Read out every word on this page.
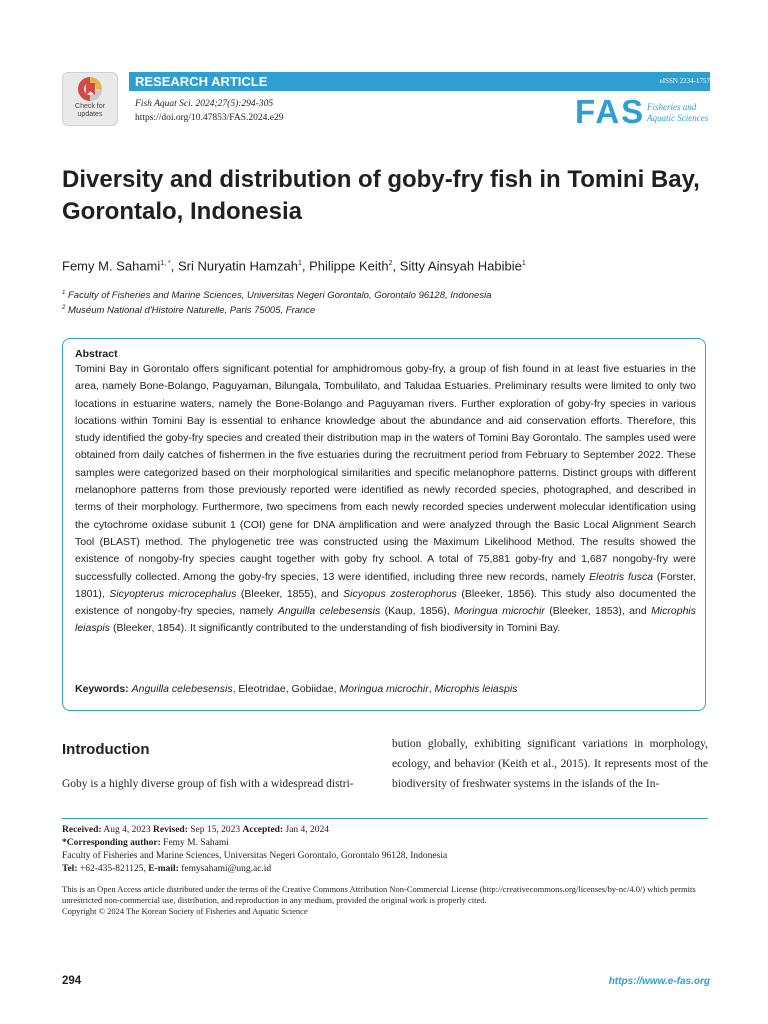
Check for
updates
RESEARCH ARTICLE	eISSN 2234-1757
Fish Aquat Sci. 2024;27(5):294-305
https://doi.org/10.47853/FAS.2024.e29	FAS Fisheries and
Aquatic Sciences
Diversity and distribution of goby-fry fish in Tomini Bay, Gorontalo, Indonesia
Femy M. Sahami$^{1, *}$, Sri Nuryatin Hamzah$^1$, Philippe Keith$^2$, Sitty Ainsyah Habibie$^1$
$^1$ Faculty of Fisheries and Marine Sciences, Universitas Negeri Gorontalo, Gorontalo 96128, Indonesia
$^2$ Muséum National d'Histoire Naturelle, Paris 75005, France
Abstract

Tomini Bay in Gorontalo offers significant potential for amphidromous goby-fry, a group of fish found in at least five estuaries in the area, namely Bone-Bolango, Paguyaman, Bilungala, Tombulilato, and Taludaa Estuaries. Preliminary results were limited to only two locations in estuarine waters, namely the Bone-Bolango and Paguyaman rivers. Further exploration of goby-fry species in various locations within Tomini Bay is essential to enhance knowledge about the abundance and aid conservation efforts. Therefore, this study identified the goby-fry species and created their distribution map in the waters of Tomini Bay Gorontalo. The samples used were obtained from daily catches of fishermen in the five estuaries during the recruitment period from February to September 2022. These samples were categorized based on their morphological similarities and specific melanophore patterns. Distinct groups with different melanophore patterns from those previously reported were identified as newly recorded species, photographed, and described in terms of their morphology. Furthermore, two specimens from each newly recorded species underwent molecular identification using the cytochrome oxidase subunit 1 (COI) gene for DNA amplification and were analyzed through the Basic Local Alignment Search Tool (BLAST) method. The phylogenetic tree was constructed using the Maximum Likelihood Method. The results showed the existence of nongoby-fry species caught together with goby fry school. A total of 75,881 goby-fry and 1,687 nongoby-fry were successfully collected. Among the goby-fry species, 13 were identified, including three new records, namely Eleotris fusca (Forster, 1801), Sicyopterus microcephalus (Bleeker, 1855), and Sicyopus zosterophorus (Bleeker, 1856). This study also documented the existence of nongoby-fry species, namely Anguilla celebesensis (Kaup, 1856), Moringua microchir (Bleeker, 1853), and Microphis leiaspis (Bleeker, 1854). It significantly contributed to the understanding of fish biodiversity in Tomini Bay.

Keywords: Anguilla celebesensis, Eleotridae, Gobiidae, Moringua microchir, Microphis leiaspis
Introduction
Goby is a highly diverse group of fish with a widespread distri-
bution globally, exhibiting significant variations in morphology, ecology, and behavior (Keith et al., 2015). It represents most of the biodiversity of freshwater systems in the islands of the In-
Received: Aug 4, 2023 Revised: Sep 15, 2023 Accepted: Jan 4, 2024
*Corresponding author: Femy M. Sahami
Faculty of Fisheries and Marine Sciences, Universitas Negeri Gorontalo, Gorontalo 96128, Indonesia
Tel: +62-435-821125, E-mail: femysahami@ung.ac.id
This is an Open Access article distributed under the terms of the Creative Commons Attribution Non-Commercial License (http://creativecommons.org/licenses/by-nc/4.0/) which permits unrestricted non-commercial use, distribution, and reproduction in any medium, provided the original work is properly cited.
Copyright © 2024 The Korean Society of Fisheries and Aquatic Science
294	https://www.e-fas.org
